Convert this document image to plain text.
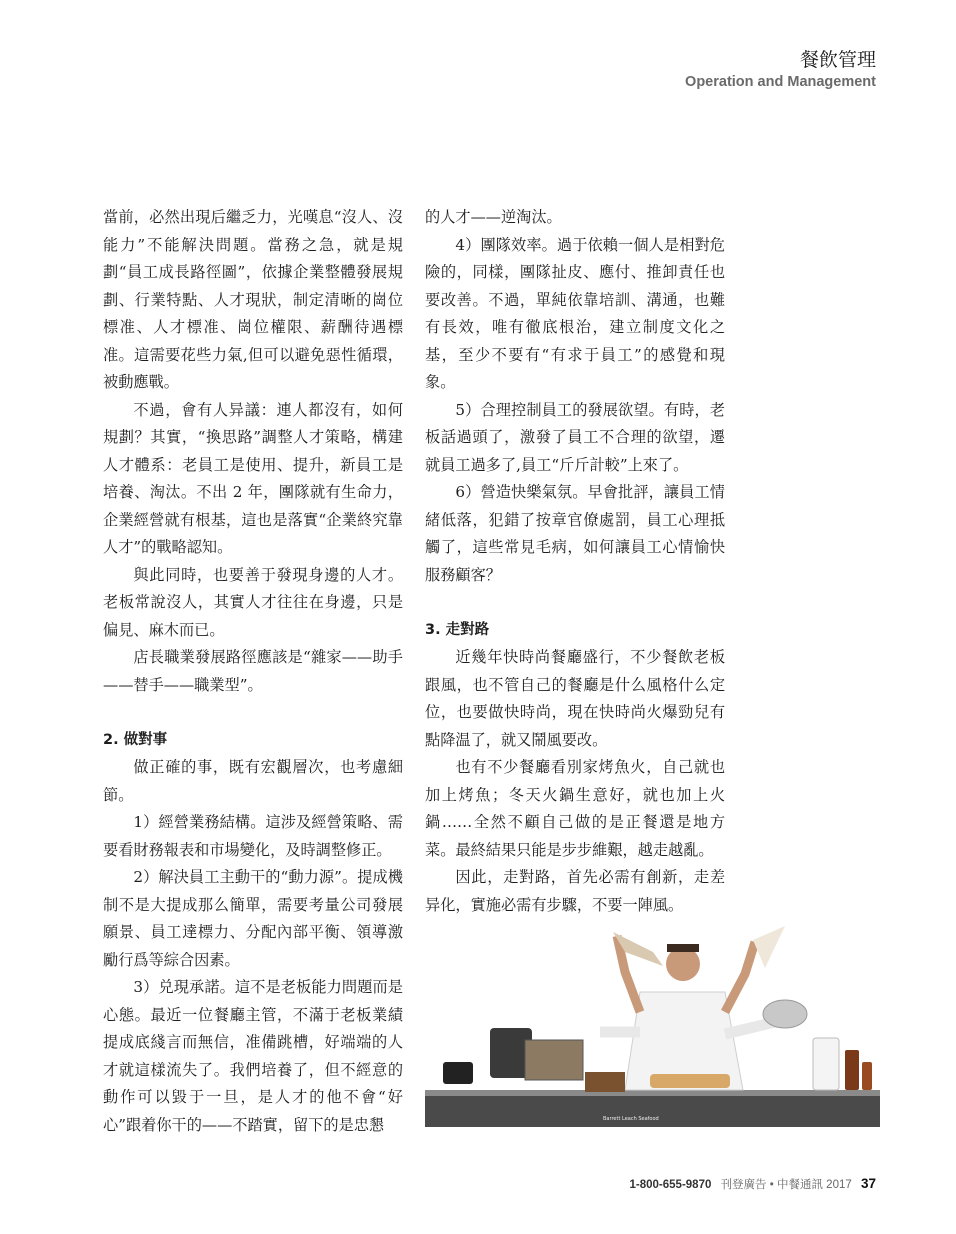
餐飲管理
Operation and Management

當前，必然出現后繼乏力，光嘆息“沒人、沒能力”不能解決問題。當務之急，就是規劃“員工成長路徑圖”，依據企業整體發展規劃、行業特點、人才現狀，制定清晰的崗位標准、人才標准、崗位權限、薪酬待遇標准。這需要花些力氣,但可以避免惡性循環，被動應戰。

不過，會有人异議：連人都沒有，如何規劃？其實，“換思路”調整人才策略，構建人才體系：老員工是使用、提升，新員工是培養、淘汰。不出 2 年，團隊就有生命力，企業經營就有根基，這也是落實“企業終究靠人才”的戰略認知。

與此同時，也要善于發現身邊的人才。老板常說沒人，其實人才往往在身邊，只是偏見、麻木而已。

店長職業發展路徑應該是“雜家——助手——替手——職業型”。

2. 做對事

做正確的事，既有宏觀層次，也考慮細節。

1）經營業務結構。這涉及經營策略、需要看財務報表和市場變化，及時調整修正。

2）解決員工主動干的“動力源”。提成機制不是大提成那么簡單，需要考量公司發展願景、員工達標力、分配內部平衡、領導激勵行爲等綜合因素。

3）兑現承諾。這不是老板能力問題而是心態。最近一位餐廳主管，不滿于老板業績提成底綫言而無信，准備跳槽，好端端的人才就這樣流失了。我們培養了，但不經意的動作可以毀于一旦，是人才的他不會“好心”跟着你干的——不踏實，留下的是忠懇

的人才——逆淘汰。

4）團隊效率。過于依賴一個人是相對危險的，同樣，團隊扯皮、應付、推卸責任也要改善。不過，單純依靠培訓、溝通，也難有長效，唯有徹底根治，建立制度文化之基，至少不要有“有求于員工”的感覺和現象。

5）合理控制員工的發展欲望。有時，老板話過頭了，激發了員工不合理的欲望，遷就員工過多了,員工“斤斤計較”上來了。

6）營造快樂氣氛。早會批評，讓員工情緒低落，犯錯了按章官僚處罰，員工心理抵觸了，這些常見毛病，如何讓員工心情愉快服務顧客？

3. 走對路

近幾年快時尚餐廳盛行，不少餐飲老板跟風，也不管自己的餐廳是什么風格什么定位，也要做快時尚，現在快時尚火爆勁兒有點降温了，就又鬧風要改。

也有不少餐廳看別家烤魚火，自己就也加上烤魚；冬天火鍋生意好，就也加上火鍋……全然不顧自己做的是正餐還是地方菜。最終結果只能是步步維艱，越走越亂。

因此，走對路，首先必需有創新，走差异化，實施必需有步驟，不要一陣風。

Barrett Leach Seafood
1-800-655-9870 刊登廣告 • 中餐通訊 2017 37
